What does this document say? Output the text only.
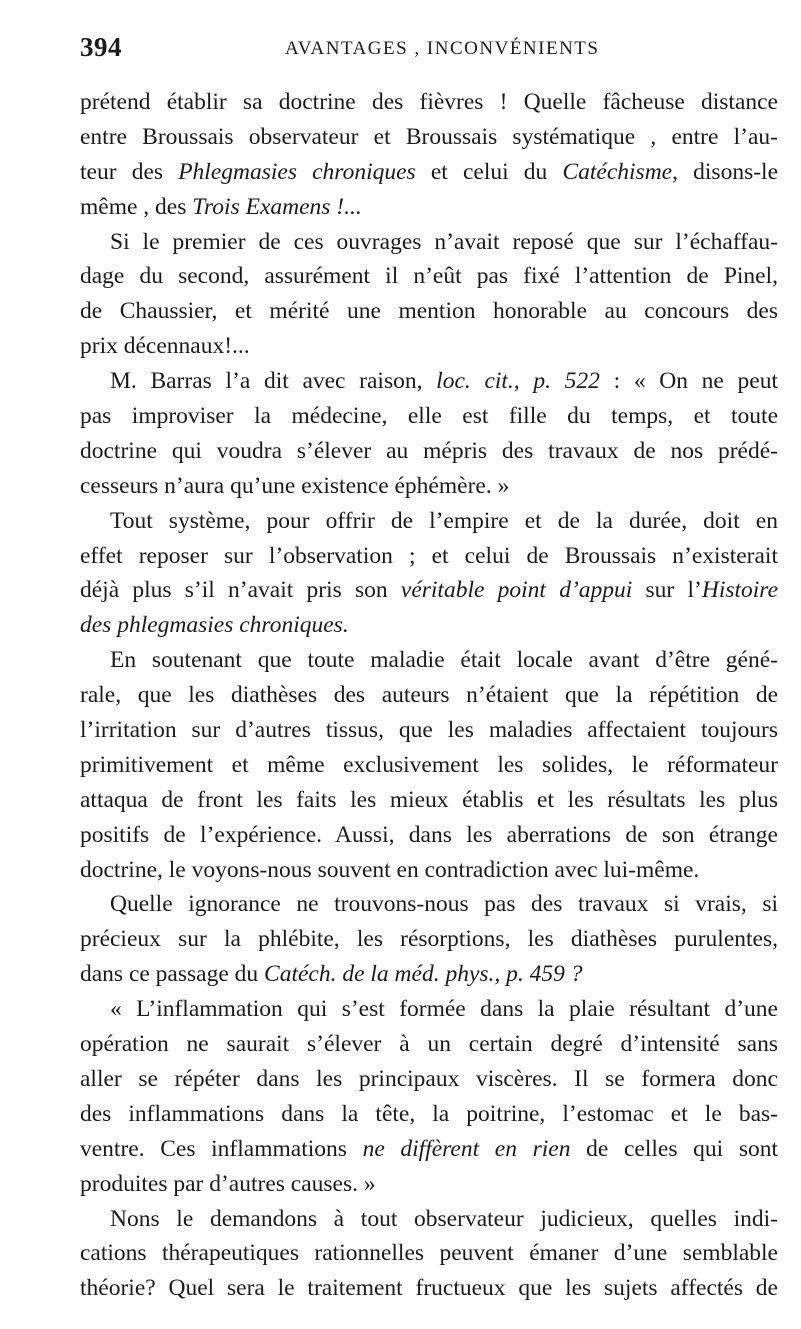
394	AVANTAGES , INCONVÉNIENTS
prétend établir sa doctrine des fièvres ! Quelle fâcheuse distance
entre Broussais observateur et Broussais systématique , entre l’au-
teur des Phlegmasies chroniques et celui du Catéchisme, disons-le
même , des Trois Examens !...
Si le premier de ces ouvrages n’avait reposé que sur l’échaffau-
dage du second, assurément il n’eût pas fixé l’attention de Pinel,
de Chaussier, et mérité une mention honorable au concours des
prix décennaux!...
M. Barras l’a dit avec raison, loc. cit., p. 522 : « On ne peut
pas improviser la médecine, elle est fille du temps, et toute
doctrine qui voudra s’élever au mépris des travaux de nos prédé-
cesseurs n’aura qu’une existence éphémère. »
Tout système, pour offrir de l’empire et de la durée, doit en
effet reposer sur l’observation ; et celui de Broussais n’existerait
déjà plus s’il n’avait pris son véritable point d’appui sur l’Histoire
des phlegmasies chroniques.
En soutenant que toute maladie était locale avant d’être géné-
rale, que les diathèses des auteurs n’étaient que la répétition de
l’irritation sur d’autres tissus, que les maladies affectaient toujours
primitivement et même exclusivement les solides, le réformateur
attaqua de front les faits les mieux établis et les résultats les plus
positifs de l’expérience. Aussi, dans les aberrations de son étrange
doctrine, le voyons-nous souvent en contradiction avec lui-même.
Quelle ignorance ne trouvons-nous pas des travaux si vrais, si
précieux sur la phlébite, les résorptions, les diathèses purulentes,
dans ce passage du Catéch. de la méd. phys., p. 459 ?
« L’inflammation qui s’est formée dans la plaie résultant d’une
opération ne saurait s’élever à un certain degré d’intensité sans
aller se répéter dans les principaux viscères. Il se formera donc
des inflammations dans la tête, la poitrine, l’estomac et le bas-
ventre. Ces inflammations ne diffèrent en rien de celles qui sont
produites par d’autres causes. »
Nons le demandons à tout observateur judicieux, quelles indi-
cations thérapeutiques rationnelles peuvent émaner d’une semblable
théorie? Quel sera le traitement fructueux que les sujets affectés de
